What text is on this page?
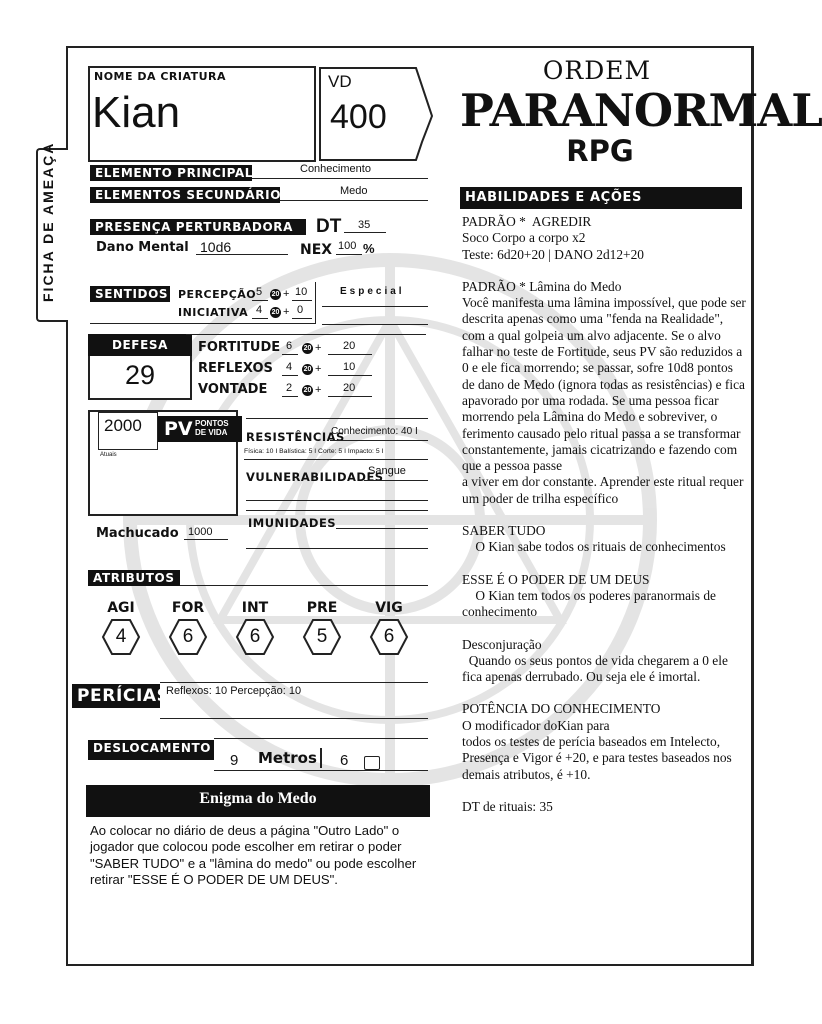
FICHA DE AMEAÇA
NOME DA CRIATURA
Kian
VD
400
ORDEM
PARANORMAL
RPG
ELEMENTO PRINCIPAL	Conhecimento
ELEMENTOS SECUNDÁRIOS	Medo
PRESENÇA PERTURBADORA	DT 35
Dano Mental 10d6	NEX 100 %
SENTIDOS PERCEPÇÃO 5 20 + 10
INICIATIVA 4 20 + 0
Especial
DEFESA
29
FORTITUDE 6 20 + 20
REFLEXOS 4 20 + 10
VONTADE 2 20 + 20
2000
Atuais
PV PONTOS
DE VIDA
Machucado 1000
RESISTÊNCIAS
Conhecimento: 40 I
Física: 10 I Balística: 5 I Corte: 5 I Impacto: 5 I
VULNERABILIDADES
Sangue
IMUNIDADES
ATRIBUTOS
AGI
4
FOR
6
INT
6
PRE
5
VIG
6
PERÍCIAS
Reflexos: 10 Percepção: 10
DESLOCAMENTO
9 Metros 6
Enigma do Medo
Ao colocar no diário de deus a página "Outro Lado" o jogador que colocou pode escolher em retirar o poder "SABER TUDO" e a "lâmina do medo" ou pode escolher retirar "ESSE É O PODER DE UM DEUS".
HABILIDADES E AÇÕES

PADRÃO *  AGREDIR
Soco Corpo a corpo x2
Teste: 6d20+20 | DANO 2d12+20

PADRÃO * Lâmina do Medo
Você manifesta uma lâmina impossível, que pode ser descrita apenas como uma "fenda na Realidade", com a qual golpeia um alvo adjacente. Se o alvo falhar no teste de Fortitude, seus PV são reduzidos a 0 e ele fica morrendo; se passar, sofre 10d8 pontos de dano de Medo (ignora todas as resistências) e fica apavorado por uma rodada. Se uma pessoa ficar morrendo pela Lâmina do Medo e sobreviver, o ferimento causado pelo ritual passa a se transformar constantemente, jamais cicatrizando e fazendo com que a pessoa passe
a viver em dor constante. Aprender este ritual requer um poder de trilha específico

SABER TUDO
O Kian sabe todos os rituais de conhecimentos

ESSE É O PODER DE UM DEUS
O Kian tem todos os poderes paranormais de conhecimento

Desconjuração
Quando os seus pontos de vida chegarem a 0 ele fica apenas derrubado. Ou seja ele é imortal.

POTÊNCIA DO CONHECIMENTO
O modificador doKian para
todos os testes de perícia baseados em Intelecto, Presença e Vigor é +20, e para testes baseados nos demais atributos, é +10.

DT de rituais: 35
